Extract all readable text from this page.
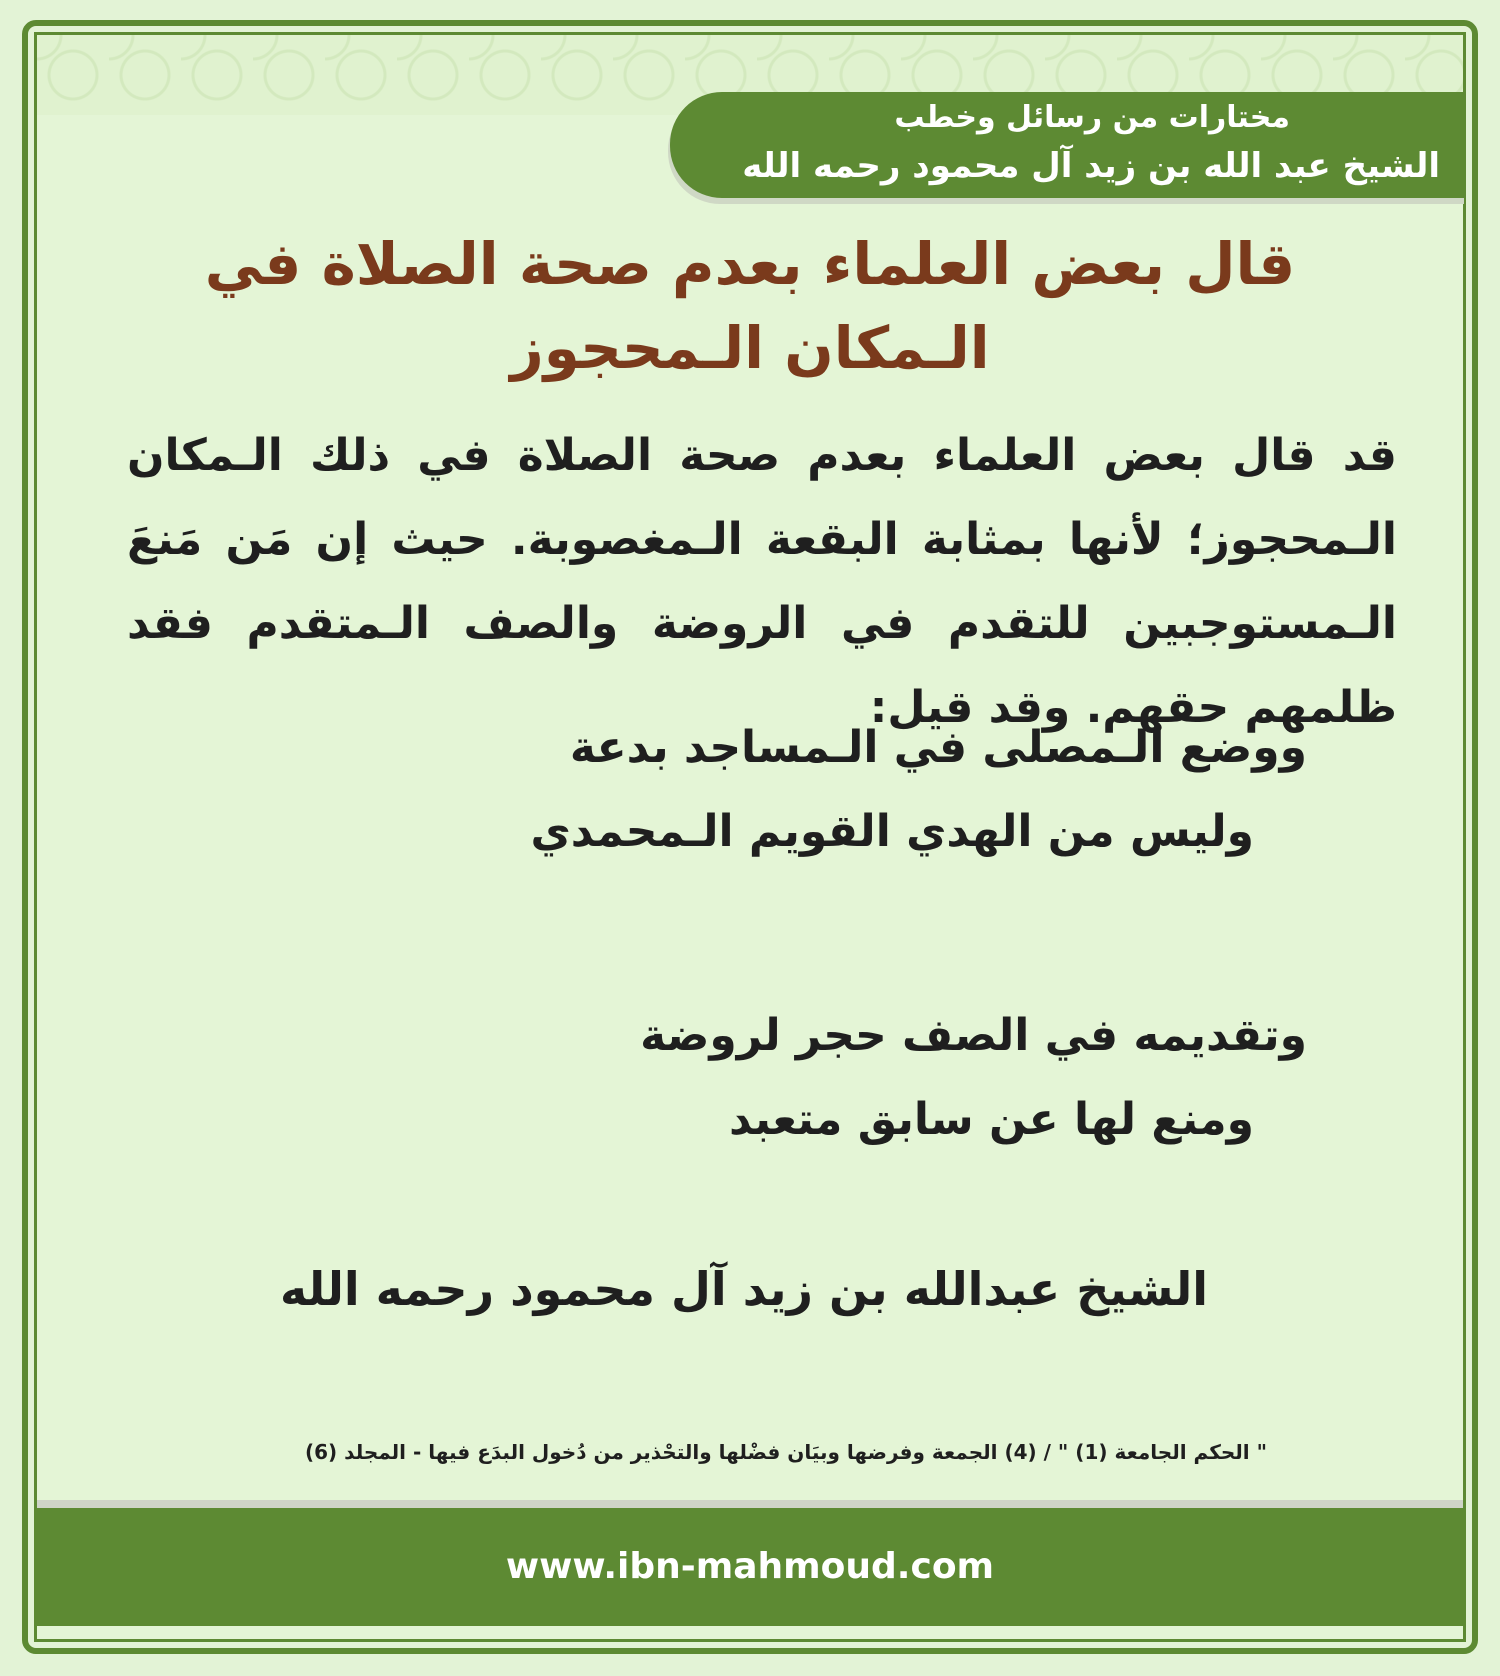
مختارات من رسائل وخطب
الشيخ عبد الله بن زيد آل محمود رحمه الله
قال بعض العلماء بعدم صحة الصلاة في الـمكان الـمحجوز
قد قال بعض العلماء بعدم صحة الصلاة في ذلك الـمكان الـمحجوز؛ لأنها بمثابة البقعة الـمغصوبة. حيث إن مَن مَنعَ الـمستوجبين للتقدم في الروضة والصف الـمتقدم فقد ظلمهم حقهم. وقد قيل:
ووضع الـمصلى في الـمساجد بدعة
وليس من الهدي القويم الـمحمدي
وتقديمه في الصف حجر لروضة
ومنع لها عن سابق متعبد
الشيخ عبدالله بن زيد آل محمود رحمه الله
" الحكم الجامعة (1) " / (4) الجمعة وفرضها وبيَان فضْلها والتحْذير من دُخول البدَع فيها - المجلد (6)
www.ibn-mahmoud.com
